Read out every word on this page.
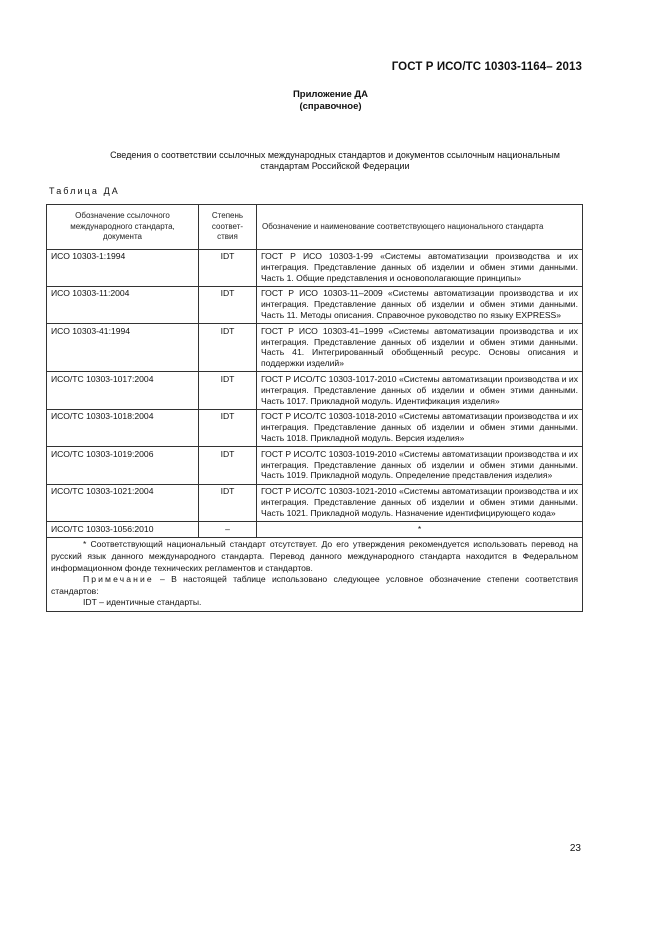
ГОСТ Р ИСО/ТС 10303-1164– 2013
Приложение ДА
(справочное)
Сведения о соответствии ссылочных международных стандартов и документов ссылочным национальным
стандартам Российской Федерации
Таблица ДА
Обозначение ссылочного международного стандарта, документа	Степень соответ-ствия	Обозначение и наименование соответствующего национального стандарта
ИСО 10303-1:1994	IDT	ГОСТ Р ИСО 10303-1-99 «Системы автоматизации производства и их интеграция. Представление данных об изделии и обмен этими данными. Часть 1. Общие представления и основополагающие принципы»
ИСО 10303-11:2004	IDT	ГОСТ Р ИСО 10303-11–2009 «Системы автоматизации производства и их интеграция. Представление данных об изделии и обмен этими данными. Часть 11. Методы описания. Справочное руководство по языку EXPRESS»
ИСО 10303-41:1994	IDT	ГОСТ Р ИСО 10303-41–1999 «Системы автоматизации производства и их интеграция. Представление данных об изделии и обмен этими данными. Часть 41. Интегрированный обобщенный ресурс. Основы описания и поддержки изделий»
ИСО/ТС 10303-1017:2004	IDT	ГОСТ Р ИСО/ТС 10303-1017-2010 «Системы автоматизации производства и их интеграция. Представление данных об изделии и обмен этими данными. Часть 1017. Прикладной модуль. Идентификация изделия»
ИСО/ТС 10303-1018:2004	IDT	ГОСТ Р ИСО/ТС 10303-1018-2010 «Системы автоматизации производства и их интеграция. Представление данных об изделии и обмен этими данными. Часть 1018. Прикладной модуль. Версия изделия»
ИСО/ТС 10303-1019:2006	IDT	ГОСТ Р ИСО/ТС 10303-1019-2010 «Системы автоматизации производства и их интеграция. Представление данных об изделии и обмен этими данными. Часть 1019. Прикладной модуль. Определение представления изделия»
ИСО/ТС 10303-1021:2004	IDT	ГОСТ Р ИСО/ТС 10303-1021-2010 «Системы автоматизации производства и их интеграция. Представление данных об изделии и обмен этими данными. Часть 1021. Прикладной модуль. Назначение идентифицирующего кода»
ИСО/ТС 10303-1056:2010	–	*

* Соответствующий национальный стандарт отсутствует. До его утверждения рекомендуется использовать перевод на русский язык данного международного стандарта. Перевод данного международного стандарта находится в Федеральном информационном фонде технических регламентов и стандартов.

Примечание – В настоящей таблице использовано следующее условное обозначение степени соответствия стандартов:

IDT – идентичные стандарты.		

23
